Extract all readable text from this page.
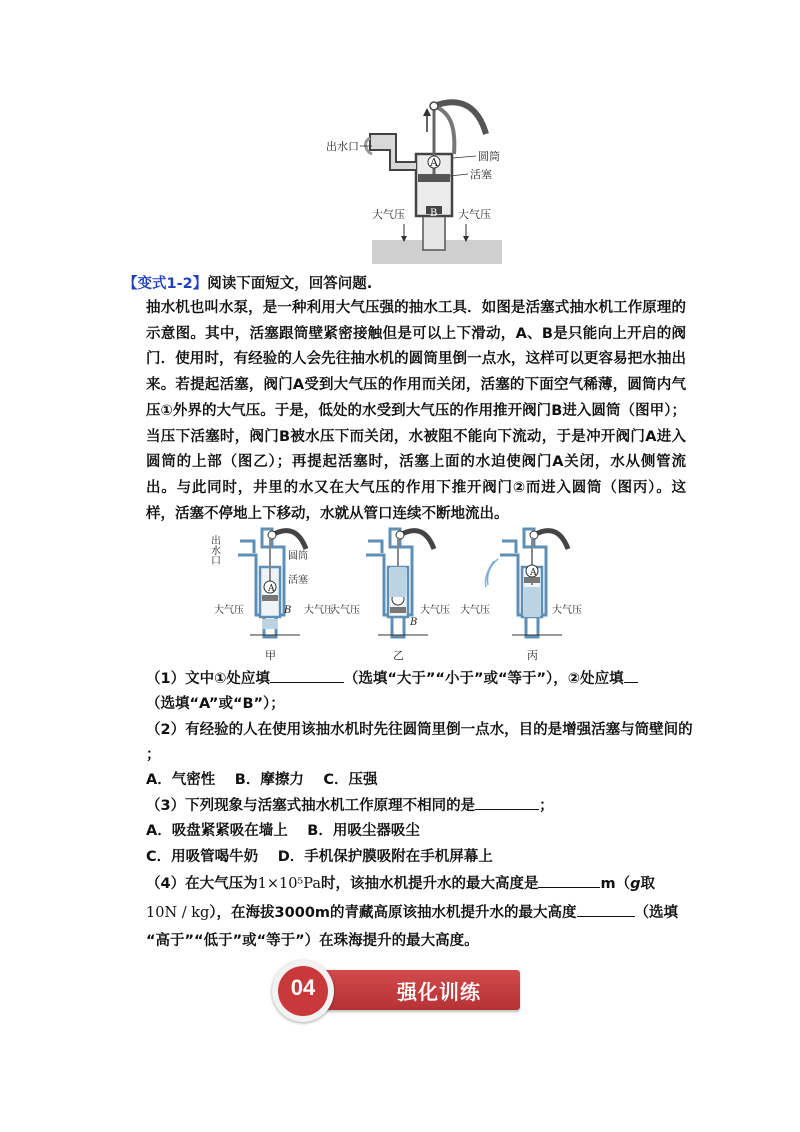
A
B
出水口
圆筒
活塞
大气压	大气压
【变式1-2】阅读下面短文，回答问题.
抽水机也叫水泵，是一种利用大气压强的抽水工具．如图是活塞式抽水机工作原理的示意图。其中，活塞跟筒壁紧密接触但是可以上下滑动，A、B是只能向上开启的阀门．使用时，有经验的人会先往抽水机的圆筒里倒一点水，这样可以更容易把水抽出来。若提起活塞，阀门A受到大气压的作用而关闭，活塞的下面空气稀薄，圆筒内气压①外界的大气压。于是，低处的水受到大气压的作用推开阀门B进入圆筒（图甲）；当压下活塞时，阀门B被水压下而关闭，水被阻不能向下流动，于是冲开阀门A进入圆筒的上部（图乙）；再提起活塞时，活塞上面的水迫使阀门A关闭，水从侧管流出。与此同时，井里的水又在大气压的作用下推开阀门②而进入圆筒（图丙）。这样，活塞不停地上下移动，水就从管口连续不断地流出。
出水口	圆筒
活塞
A
B
大气压	大气压
甲
B
大气压	大气压
乙
A
大气压	大气压
丙
（1）文中①处应填	（选填“大于”“小于”或“等于”），②处应填
（选填“A”或“B”）；
（2）有经验的人在使用该抽水机时先往圆筒里倒一点水，目的是增强活塞与筒壁间的
；
A．气密性　 B．摩擦力　 C．压强
（3）下列现象与活塞式抽水机工作原理不相同的是	；
A．吸盘紧紧吸在墙上　 B．用吸尘器吸尘
C．用吸管喝牛奶　 D．手机保护膜吸附在手机屏幕上
（4）在大气压为1×10⁵Pa时，该抽水机提升水的最大高度是	m（g取
10N / kg），在海拔3000m的青藏高原该抽水机提升水的最大高度	（选填
“高于”“低于”或“等于”）在珠海提升的最大高度。
强化训练
04
